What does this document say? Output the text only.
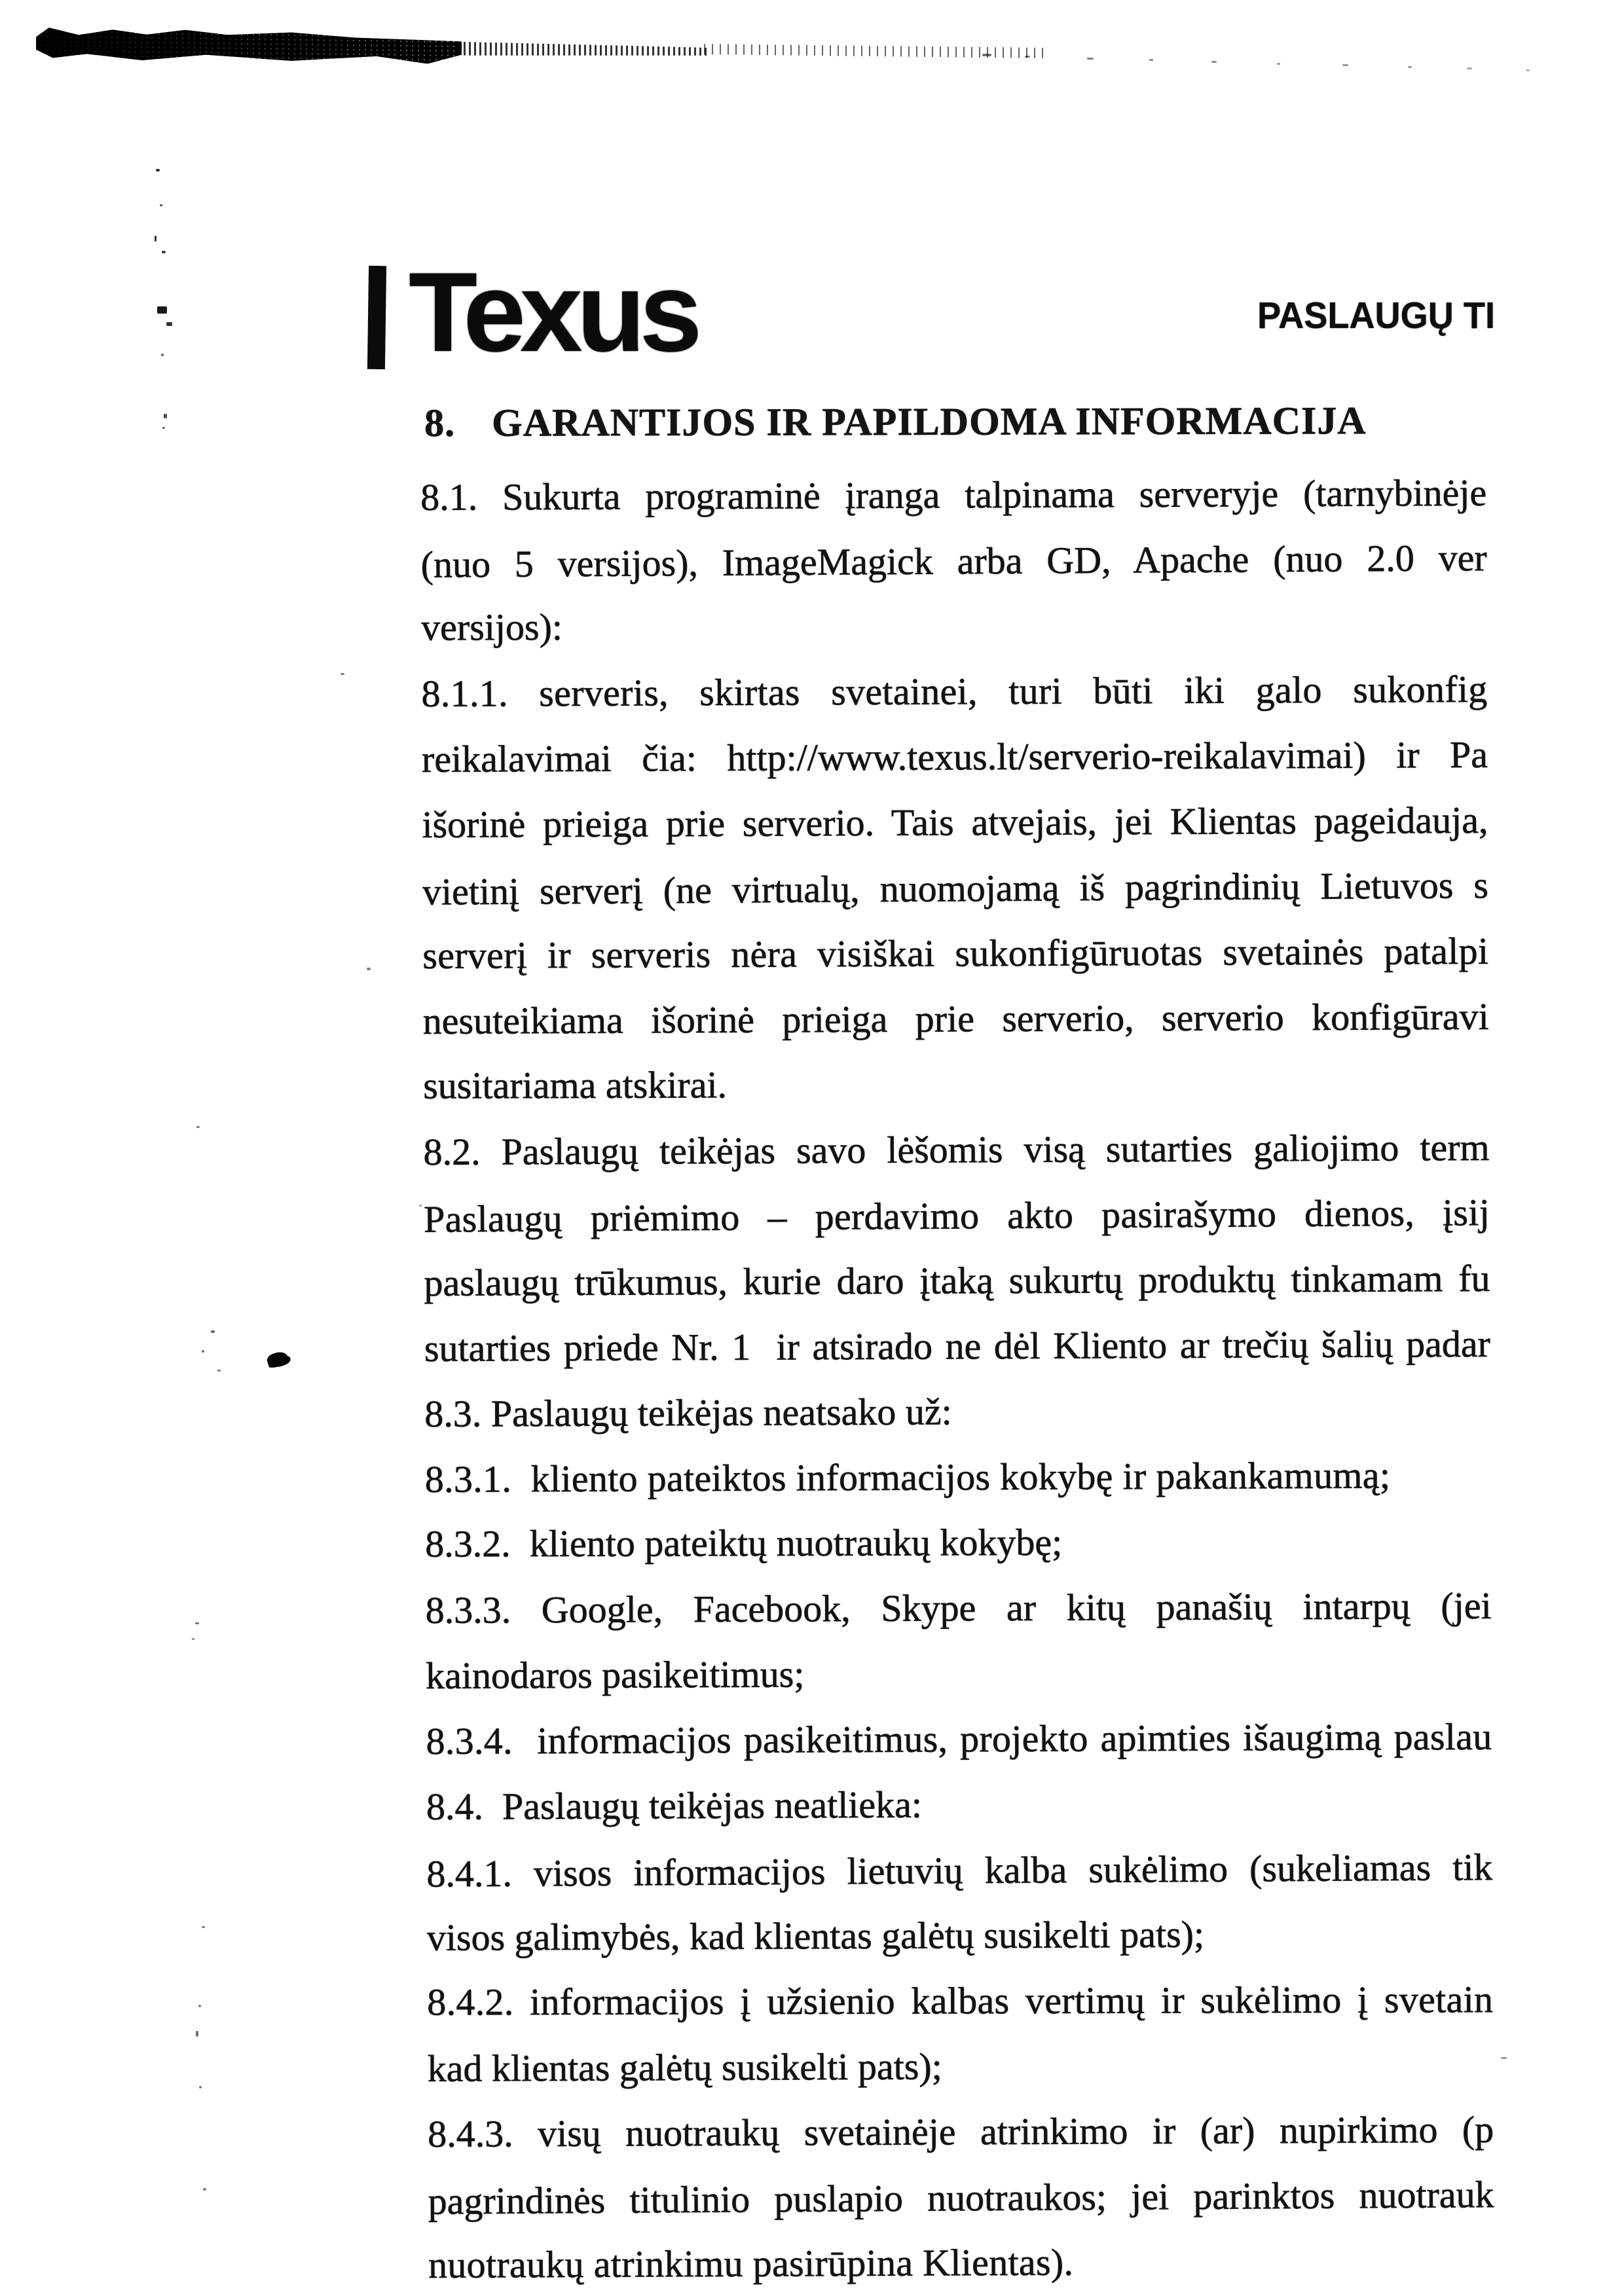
Texus	PASLAUGŲ TI
8. GARANTIJOS IR PAPILDOMA INFORMACIJA
8.1. Sukurta programinė įranga talpinama serveryje (tarnybinėje
(nuo 5 versijos), ImageMagick arba GD, Apache (nuo 2.0 ver
versijos):
8.1.1. serveris, skirtas svetainei, turi būti iki galo sukonfig
reikalavimai čia: http://www.texus.lt/serverio-reikalavimai) ir Pa
išorinė prieiga prie serverio. Tais atvejais, jei Klientas pageidauja,
vietinį serverį (ne virtualų, nuomojamą iš pagrindinių Lietuvos s
serverį ir serveris nėra visiškai sukonfigūruotas svetainės patalpi
nesuteikiama išorinė prieiga prie serverio, serverio konfigūravi
susitariama atskirai.
8.2. Paslaugų teikėjas savo lėšomis visą sutarties galiojimo term
Paslaugų priėmimo – perdavimo akto pasirašymo dienos, įsij
paslaugų trūkumus, kurie daro įtaką sukurtų produktų tinkamam fu
sutarties priede Nr. 1  ir atsirado ne dėl Kliento ar trečių šalių padar
8.3. Paslaugų teikėjas neatsako už:
8.3.1.  kliento pateiktos informacijos kokybę ir pakankamumą;
8.3.2.  kliento pateiktų nuotraukų kokybę;
8.3.3. Google, Facebook, Skype ar kitų panašių intarpų (jei
kainodaros pasikeitimus;
8.3.4.  informacijos pasikeitimus, projekto apimties išaugimą paslau
8.4.  Paslaugų teikėjas neatlieka:
8.4.1. visos informacijos lietuvių kalba sukėlimo (sukeliamas tik
visos galimybės, kad klientas galėtų susikelti pats);
8.4.2. informacijos į užsienio kalbas vertimų ir sukėlimo į svetain
kad klientas galėtų susikelti pats);
8.4.3. visų nuotraukų svetainėje atrinkimo ir (ar) nupirkimo (p
pagrindinės titulinio puslapio nuotraukos; jei parinktos nuotrauk
nuotraukų atrinkimu pasirūpina Klientas).
